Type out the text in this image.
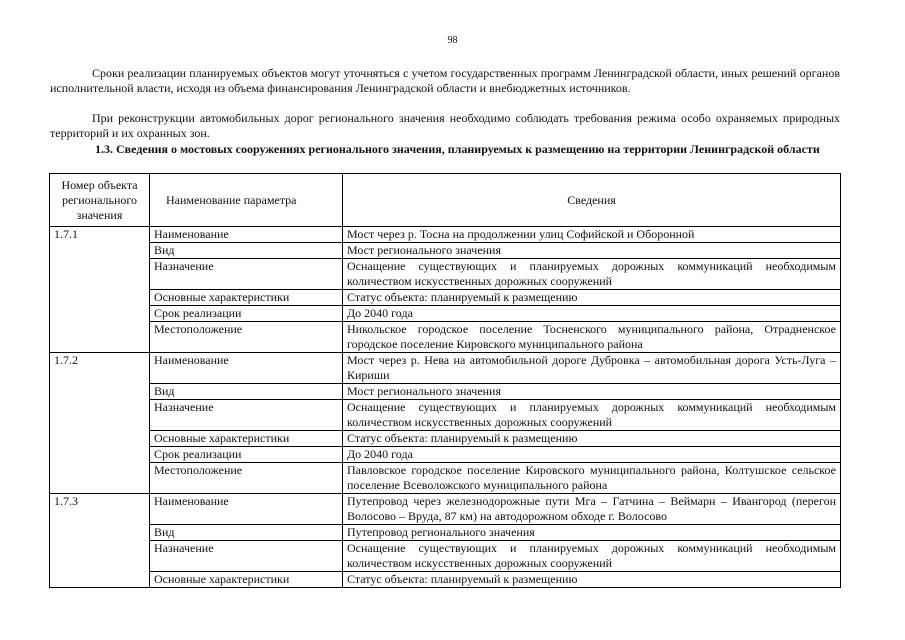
98

Сроки реализации планируемых объектов могут уточняться с учетом государственных программ Ленинградской области, иных решений органов исполнительной власти, исходя из объема финансирования Ленинградской области и внебюджетных источников.

При реконструкции автомобильных дорог регионального значения необходимо соблюдать требования режима особо охраняемых природных территорий и их охранных зон.

1.3. Сведения о мостовых сооружениях регионального значения, планируемых к размещению на территории Ленинградской области

Номер объекта регионального значения	Наименование параметра	Сведения
1.7.1	Наименование	Мост через р. Тосна на продолжении улиц Софийской и Оборонной
	Вид	Мост регионального значения
	Назначение	Оснащение существующих и планируемых дорожных коммуникаций необходимым количеством искусственных дорожных сооружений
	Основные характеристики	Статус объекта: планируемый к размещению
	Срок реализации	До 2040 года
	Местоположение	Никольское городское поселение Тосненского муниципального района, Отрадненское городское поселение Кировского муниципального района
1.7.2	Наименование	Мост через р. Нева на автомобильной дороге Дубровка – автомобильная дорога Усть-Луга – Кириши
	Вид	Мост регионального значения
	Назначение	Оснащение существующих и планируемых дорожных коммуникаций необходимым количеством искусственных дорожных сооружений
	Основные характеристики	Статус объекта: планируемый к размещению
	Срок реализации	До 2040 года
	Местоположение	Павловское городское поселение Кировского муниципального района, Колтушское сельское поселение Всеволожского муниципального района
1.7.3	Наименование	Путепровод через железнодорожные пути Мга – Гатчина – Веймарн – Ивангород (перегон Волосово – Вруда, 87 км) на автодорожном обходе г. Волосово
	Вид	Путепровод регионального значения
	Назначение	Оснащение существующих и планируемых дорожных коммуникаций необходимым количеством искусственных дорожных сооружений
	Основные характеристики	Статус объекта: планируемый к размещению
